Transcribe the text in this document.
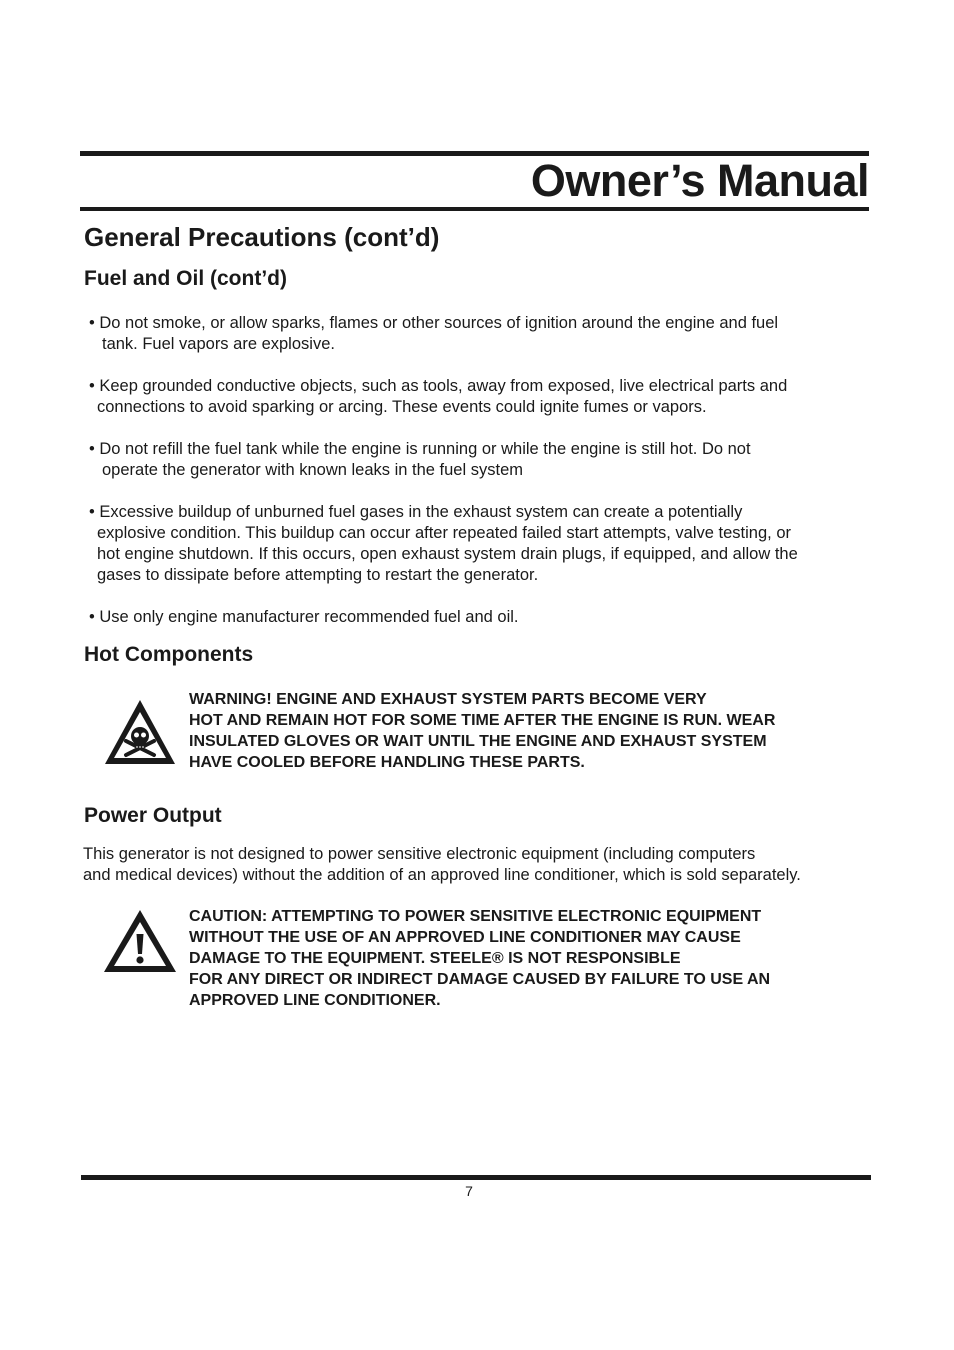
Owner’s Manual
General Precautions (cont’d)
Fuel and Oil (cont’d)
• Do not smoke, or allow sparks, flames or other sources of ignition around the engine and fuel
tank. Fuel vapors are explosive.
• Keep grounded conductive objects, such as tools, away from exposed, live electrical parts and
connections to avoid sparking or arcing. These events could ignite fumes or vapors.
• Do not refill the fuel tank while the engine is running or while the engine is still hot. Do not
operate the generator with known leaks in the fuel system
• Excessive buildup of unburned fuel gases in the exhaust system can create a potentially
explosive condition. This buildup can occur after repeated failed start attempts, valve testing, or
hot engine shutdown. If this occurs, open exhaust system drain plugs, if equipped, and allow the
gases to dissipate before attempting to restart the generator.
• Use only engine manufacturer recommended fuel and oil.
Hot Components
WARNING! ENGINE AND EXHAUST SYSTEM PARTS BECOME VERY
HOT AND REMAIN HOT FOR SOME TIME AFTER THE ENGINE IS RUN. WEAR
INSULATED GLOVES OR WAIT UNTIL THE ENGINE AND EXHAUST SYSTEM
HAVE COOLED BEFORE HANDLING THESE PARTS.
Power Output
This generator is not designed to power sensitive electronic equipment (including computers
and medical devices) without the addition of an approved line conditioner, which is sold separately.
CAUTION: ATTEMPTING TO POWER SENSITIVE ELECTRONIC EQUIPMENT
WITHOUT THE USE OF AN APPROVED LINE CONDITIONER MAY CAUSE
DAMAGE TO THE EQUIPMENT. STEELE® IS NOT RESPONSIBLE
FOR ANY DIRECT OR INDIRECT DAMAGE CAUSED BY FAILURE TO USE AN
APPROVED LINE CONDITIONER.
7
